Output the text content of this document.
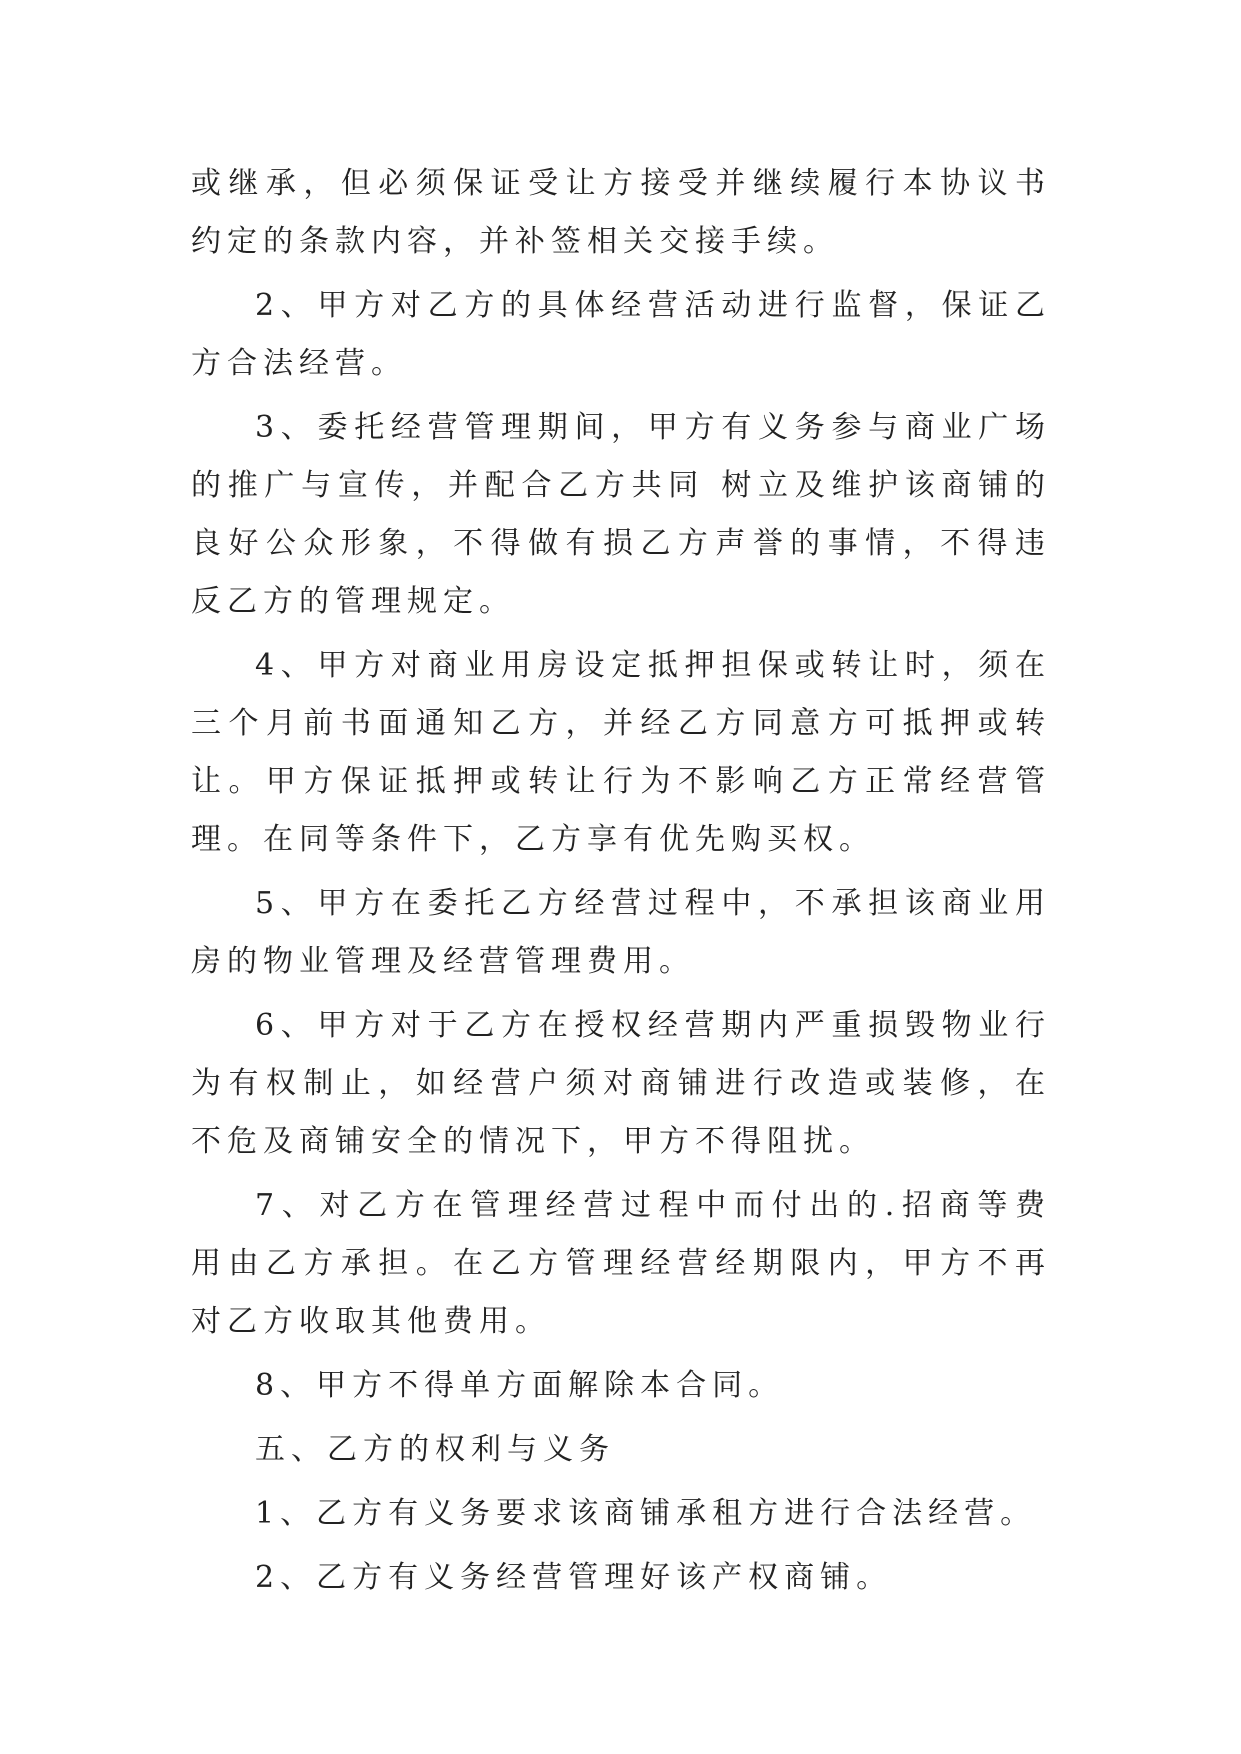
或继承，但必须保证受让方接受并继续履行本协议书约定的条款内容，并补签相关交接手续。

2、甲方对乙方的具体经营活动进行监督，保证乙方合法经营。

3、委托经营管理期间，甲方有义务参与商业广场的推广与宣传，并配合乙方共同 树立及维护该商铺的良好公众形象，不得做有损乙方声誉的事情，不得违反乙方的管理规定。

4、甲方对商业用房设定抵押担保或转让时，须在三个月前书面通知乙方，并经乙方同意方可抵押或转让。甲方保证抵押或转让行为不影响乙方正常经营管理。在同等条件下，乙方享有优先购买权。

5、甲方在委托乙方经营过程中，不承担该商业用房的物业管理及经营管理费用。

6、甲方对于乙方在授权经营期内严重损毁物业行为有权制止，如经营户须对商铺进行改造或装修，在不危及商铺安全的情况下，甲方不得阻扰。

7、对乙方在管理经营过程中而付出的.招商等费用由乙方承担。在乙方管理经营经期限内，甲方不再对乙方收取其他费用。

8、甲方不得单方面解除本合同。

五、乙方的权利与义务

1、乙方有义务要求该商铺承租方进行合法经营。

2、乙方有义务经营管理好该产权商铺。
